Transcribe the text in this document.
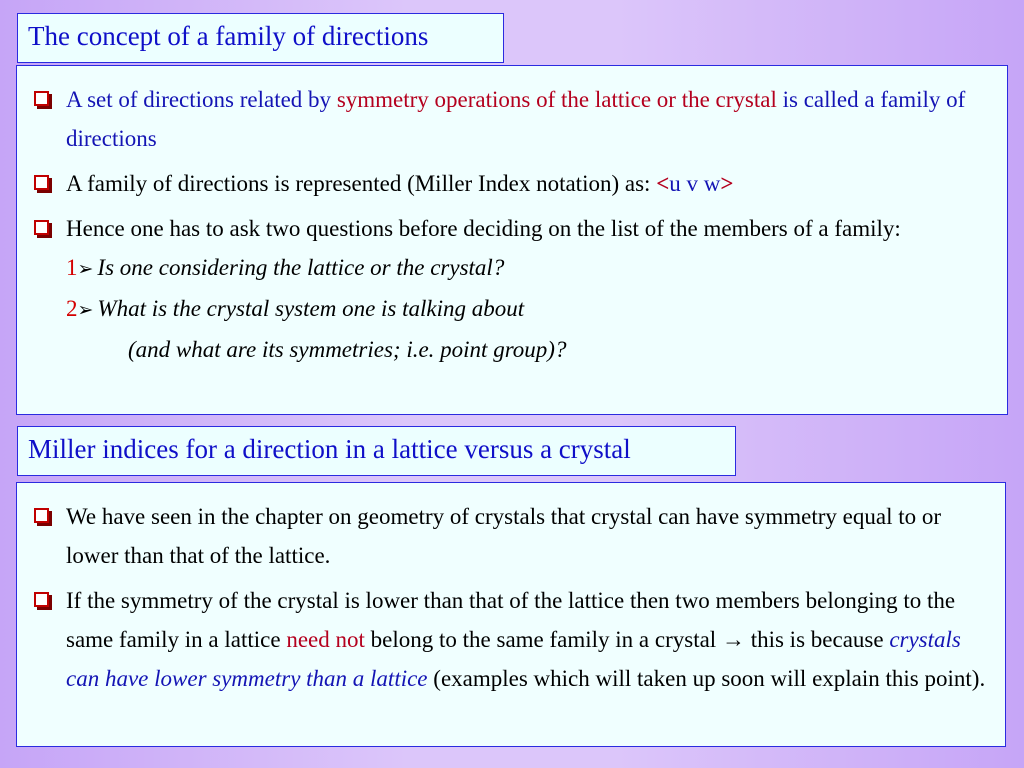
The concept of a family of directions
A set of directions related by symmetry operations of the lattice or the crystal is called a family of directions
A family of directions is represented (Miller Index notation) as: <u v w>
Hence one has to ask two questions before deciding on the list of the members of a family:
1➢ Is one considering the lattice or the crystal?
2➢ What is the crystal system one is talking about
(and what are its symmetries; i.e. point group)?
Miller indices for a direction in a lattice versus a crystal
We have seen in the chapter on geometry of crystals that crystal can have symmetry equal to or lower than that of the lattice.
If the symmetry of the crystal is lower than that of the lattice then two members belonging to the same family in a lattice need not belong to the same family in a crystal → this is because crystals can have lower symmetry than a lattice (examples which will taken up soon will explain this point).
